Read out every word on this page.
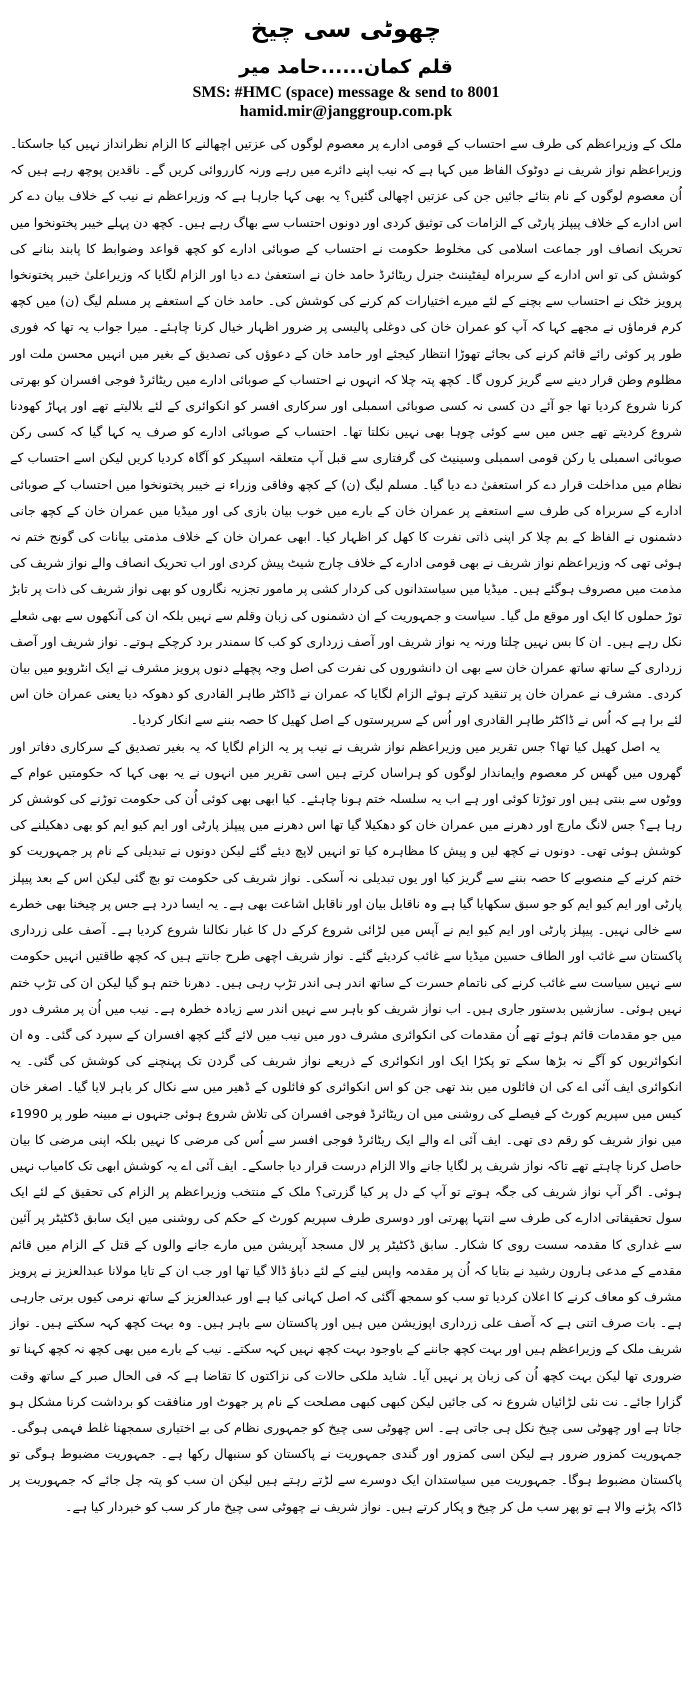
چھوٹی سی چیخ
قلم کمان......حامد میر
SMS: #HMC (space) message & send to 8001
hamid.mir@janggroup.com.pk

ملک کے وزیراعظم کی طرف سے احتساب کے قومی ادارے پر معصوم لوگوں کی عزتیں اچھالنے کا الزام نظرانداز نہیں کیا جاسکتا۔ وزیراعظم نواز شریف نے دوٹوک الفاظ میں کہا ہے کہ نیب اپنے دائرے میں رہے ورنہ کارروائی کریں گے۔ ناقدین پوچھ رہے ہیں کہ اُن معصوم لوگوں کے نام بتائے جائیں جن کی عزتیں اچھالی گئیں؟ یہ بھی کہا جارہا ہے کہ وزیراعظم نے نیب کے خلاف بیان دے کر اس ادارے کے خلاف پیپلز پارٹی کے الزامات کی توثیق کردی اور دونوں احتساب سے بھاگ رہے ہیں۔ کچھ دن پہلے خیبر پختونخوا میں تحریک انصاف اور جماعت اسلامی کی مخلوط حکومت نے احتساب کے صوبائی ادارے کو کچھ قواعد وضوابط کا پابند بنانے کی کوشش کی تو اس ادارے کے سربراہ لیفٹیننٹ جنرل ریٹائرڈ حامد خان نے استعفیٰ دے دیا اور الزام لگایا کہ وزیراعلیٰ خیبر پختونخوا پرویز خٹک نے احتساب سے بچنے کے لئے میرے اختیارات کم کرنے کی کوشش کی۔ حامد خان کے استعفے پر مسلم لیگ (ن) میں کچھ کرم فرماؤں نے مجھے کہا کہ آپ کو عمران خان کی دوغلی پالیسی پر ضرور اظہار خیال کرنا چاہئے۔ میرا جواب یہ تھا کہ فوری طور پر کوئی رائے قائم کرنے کی بجائے تھوڑا انتظار کیجئے اور حامد خان کے دعوؤں کی تصدیق کے بغیر میں انہیں محسن ملت اور مظلوم وطن قرار دینے سے گریز کروں گا۔ کچھ پتہ چلا کہ انہوں نے احتساب کے صوبائی ادارے میں ریٹائرڈ فوجی افسران کو بھرتی کرنا شروع کردیا تھا جو آئے دن کسی نہ کسی صوبائی اسمبلی اور سرکاری افسر کو انکوائری کے لئے بلالیتے تھے اور پہاڑ کھودنا شروع کردیتے تھے جس میں سے کوئی چوہا بھی نہیں نکلتا تھا۔ احتساب کے صوبائی ادارے کو صرف یہ کہا گیا کہ کسی رکن صوبائی اسمبلی یا رکن قومی اسمبلی وسینیٹ کی گرفتاری سے قبل آپ متعلقہ اسپیکر کو آگاہ کردیا کریں لیکن اسے احتساب کے نظام میں مداخلت قرار دے کر استعفیٰ دے دیا گیا۔ مسلم لیگ (ن) کے کچھ وفاقی وزراء نے خیبر پختونخوا میں احتساب کے صوبائی ادارے کے سربراہ کی طرف سے استعفے پر عمران خان کے بارے میں خوب بیان بازی کی اور میڈیا میں عمران خان کے کچھ جانی دشمنوں نے الفاظ کے بم چلا کر اپنی ذاتی نفرت کا کھل کر اظہار کیا۔ ابھی عمران خان کے خلاف مذمتی بیانات کی گونج ختم نہ ہوئی تھی کہ وزیراعظم نواز شریف نے بھی قومی ادارے کے خلاف چارج شیٹ پیش کردی اور اب تحریک انصاف والے نواز شریف کی مذمت میں مصروف ہوگئے ہیں۔ میڈیا میں سیاستدانوں کی کردار کشی پر مامور تجزیہ نگاروں کو بھی نواز شریف کی ذات پر تابڑ توڑ حملوں کا ایک اور موقع مل گیا۔ سیاست و جمہوریت کے ان دشمنوں کی زبان وقلم سے نہیں بلکہ ان کی آنکھوں سے بھی شعلے نکل رہے ہیں۔ ان کا بس نہیں چلتا ورنہ یہ نواز شریف اور آصف زرداری کو کب کا سمندر برد کرچکے ہوتے۔ نواز شریف اور آصف زرداری کے ساتھ ساتھ عمران خان سے بھی ان دانشوروں کی نفرت کی اصل وجہ پچھلے دنوں پرویز مشرف نے ایک انٹرویو میں بیان کردی۔ مشرف نے عمران خان پر تنقید کرتے ہوئے الزام لگایا کہ عمران نے ڈاکٹر طاہر القادری کو دھوکہ دیا یعنی عمران خان اس لئے برا ہے کہ اُس نے ڈاکٹر طاہر القادری اور اُس کے سرپرستوں کے اصل کھیل کا حصہ بننے سے انکار کردیا۔

یہ اصل کھیل کیا تھا؟ جس تقریر میں وزیراعظم نواز شریف نے نیب پر یہ الزام لگایا کہ یہ بغیر تصدیق کے سرکاری دفاتر اور گھروں میں گھس کر معصوم وایماندار لوگوں کو ہراساں کرتے ہیں اسی تقریر میں انہوں نے یہ بھی کہا کہ حکومتیں عوام کے ووٹوں سے بنتی ہیں اور توڑتا کوئی اور ہے اب یہ سلسلہ ختم ہونا چاہئے۔ کیا ابھی بھی کوئی اُن کی حکومت توڑنے کی کوشش کر رہا ہے؟ جس لانگ مارچ اور دھرنے میں عمران خان کو دھکیلا گیا تھا اس دھرنے میں پیپلز پارٹی اور ایم کیو ایم کو بھی دھکیلنے کی کوشش ہوئی تھی۔ دونوں نے کچھ لیں و پیش کا مظاہرہ کیا تو انہیں لاپچ دیئے گئے لیکن دونوں نے تبدیلی کے نام پر جمہوریت کو ختم کرنے کے منصوبے کا حصہ بننے سے گریز کیا اور یوں تبدیلی نہ آسکی۔ نواز شریف کی حکومت تو بچ گئی لیکن اس کے بعد پیپلز پارٹی اور ایم کیو ایم کو جو سبق سکھایا گیا ہے وہ ناقابل بیان اور ناقابل اشاعت بھی ہے۔ یہ ایسا درد ہے جس پر چیخنا بھی خطرے سے خالی نہیں۔ پیپلز پارٹی اور ایم کیو ایم نے آپس میں لڑائی شروع کرکے دل کا غبار نکالنا شروع کردیا ہے۔ آصف علی زرداری پاکستان سے غائب اور الطاف حسین میڈیا سے غائب کردیئے گئے۔ نواز شریف اچھی طرح جانتے ہیں کہ کچھ طاقتیں انہیں حکومت سے نہیں سیاست سے غائب کرنے کی ناتمام حسرت کے ساتھ اندر ہی اندر تڑپ رہی ہیں۔ دھرنا ختم ہو گیا لیکن ان کی تڑپ ختم نہیں ہوئی۔ سازشیں بدستور جاری ہیں۔ اب نواز شریف کو باہر سے نہیں اندر سے زیادہ خطرہ ہے۔ نیب میں اُن پر مشرف دور میں جو مقدمات قائم ہوئے تھے اُن مقدمات کی انکوائری مشرف دور میں نیب میں لائے گئے کچھ افسران کے سپرد کی گئی۔ وہ ان انکوائریوں کو آگے نہ بڑھا سکے تو پکڑا ایک اور انکوائری کے ذریعے نواز شریف کی گردن تک پہنچنے کی کوشش کی گئی۔ یہ انکوائری ایف آئی اے کی ان فائلوں میں بند تھی جن کو اس انکوائری کو فائلوں کے ڈھیر میں سے نکال کر باہر لایا گیا۔ اصغر خان کیس میں سپریم کورٹ کے فیصلے کی روشنی میں ان ریٹائرڈ فوجی افسران کی تلاش شروع ہوئی جنہوں نے مبینہ طور پر 1990ء میں نواز شریف کو رقم دی تھی۔ ایف آئی اے والے ایک ریٹائرڈ فوجی افسر سے اُس کی مرضی کا نہیں بلکہ اپنی مرضی کا بیان حاصل کرنا چاہتے تھے تاکہ نواز شریف پر لگایا جانے والا الزام درست قرار دیا جاسکے۔ ایف آئی اے یہ کوشش ابھی تک کامیاب نہیں ہوئی۔ اگر آپ نواز شریف کی جگہ ہوتے تو آپ کے دل پر کیا گزرتی؟ ملک کے منتخب وزیراعظم پر الزام کی تحقیق کے لئے ایک سول تحقیقاتی ادارے کی طرف سے انتہا پھرتی اور دوسری طرف سپریم کورٹ کے حکم کی روشنی میں ایک سابق ڈکٹیٹر پر آئین سے غداری کا مقدمہ سست روی کا شکار۔ سابق ڈکٹیٹر پر لال مسجد آپریشن میں مارے جانے والوں کے قتل کے الزام میں قائم مقدمے کے مدعی ہارون رشید نے بتایا کہ اُن پر مقدمہ واپس لینے کے لئے دباؤ ڈالا گیا تھا اور جب ان کے تایا مولانا عبدالعزیز نے پرویز مشرف کو معاف کرنے کا اعلان کردیا تو سب کو سمجھ آگئی کہ اصل کہانی کیا ہے اور عبدالعزیز کے ساتھ نرمی کیوں برتی جارہی ہے۔ بات صرف اتنی ہے کہ آصف علی زرداری اپوزیشن میں ہیں اور پاکستان سے باہر ہیں۔ وہ بہت کچھ کہہ سکتے ہیں۔ نواز شریف ملک کے وزیراعظم ہیں اور بہت کچھ جاننے کے باوجود بہت کچھ نہیں کہہ سکتے۔ نیب کے بارے میں بھی کچھ نہ کچھ کہنا تو ضروری تھا لیکن بہت کچھ اُن کی زبان پر نہیں آیا۔ شاید ملکی حالات کی نزاکتوں کا تقاضا ہے کہ فی الحال صبر کے ساتھ وقت گزارا جائے۔ نت نئی لڑائیاں شروع نہ کی جائیں لیکن کبھی کبھی مصلحت کے نام پر جھوٹ اور منافقت کو برداشت کرنا مشکل ہو جاتا ہے اور چھوٹی سی چیخ نکل ہی جاتی ہے۔ اس چھوٹی سی چیخ کو جمہوری نظام کی بے اختیاری سمجھنا غلط فہمی ہوگی۔ جمہوریت کمزور ضرور ہے لیکن اسی کمزور اور گندی جمہوریت نے پاکستان کو سنبھال رکھا ہے۔ جمہوریت مضبوط ہوگی تو پاکستان مضبوط ہوگا۔ جمہوریت میں سیاستدان ایک دوسرے سے لڑتے رہتے ہیں لیکن ان سب کو پتہ چل جائے کہ جمہوریت پر ڈاکہ پڑنے والا ہے تو پھر سب مل کر چیخ و پکار کرتے ہیں۔ نواز شریف نے چھوٹی سی چیخ مار کر سب کو خبردار کیا ہے۔
